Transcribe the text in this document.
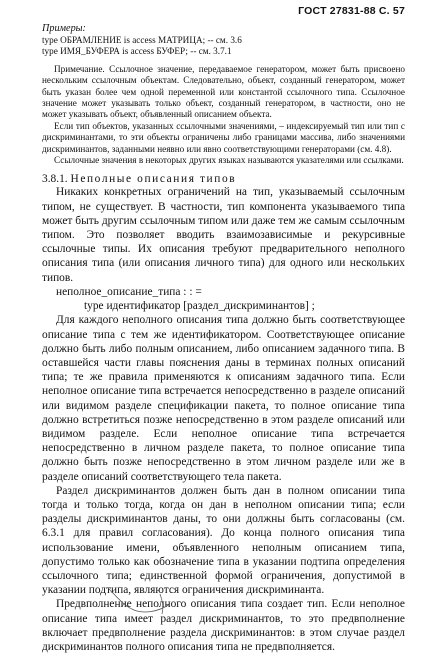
ГОСТ 27831-88 С. 57
Примеры:
type ОБРАМЛЕНИЕ is access МАТРИЦА; -- см. 3.6
type ИМЯ_БУФЕРА is access БУФЕР; -- см. 3.7.1

Примечание. Ссылочное значение, передаваемое генератором, может быть присвоено нескольким ссылочным объектам. Следовательно, объект, созданный генератором, может быть указан более чем одной переменной или константой ссылочного типа. Ссылочное значение может указывать только объект, созданный генератором, в частности, оно не может указывать объект, объявленный описанием объекта.

Если тип объектов, указанных ссылочными значениями, – индексируемый тип или тип с дискриминантами, то эти объекты ограничены либо границами массива, либо значениями дискриминантов, заданными неявно или явно соответствующими генераторами (см. 4.8).

Ссылочные значения в некоторых других языках называются указателями или ссылками.

3.8.1. Неполные описания типов

Никаких конкретных ограничений на тип, указываемый ссылочным типом, не существует. В частности, тип компонента указываемого типа может быть другим ссылочным типом или даже тем же самым ссылочным типом. Это позволяет вводить взаимозависимые и рекурсивные ссылочные типы. Их описания требуют предварительного неполного описания типа (или описания личного типа) для одного или нескольких типов.

неполное_описание_типа : : =

type идентификатор [раздел_дискриминантов] ;

Для каждого неполного описания типа должно быть соответствующее описание типа с тем же идентификатором. Соответствующее описание должно быть либо полным описанием, либо описанием задачного типа. В оставшейся части главы пояснения даны в терминах полных описаний типа; те же правила применяются к описаниям задачного типа. Если неполное описание типа встречается непосредственно в разделе описаний или видимом разделе спецификации пакета, то полное описание типа должно встретиться позже непосредственно в этом разделе описаний или видимом разделе. Если неполное описание типа встречается непосредственно в личном разделе пакета, то полное описание типа должно быть позже непосредственно в этом личном разделе или же в разделе описаний соответствующего тела пакета.

Раздел дискриминантов должен быть дан в полном описании типа тогда и только тогда, когда он дан в неполном описании типа; если разделы дискриминантов даны, то они должны быть согласованы (см. 6.3.1 для правил согласования). До конца полного описания типа использование имени, объявленного неполным описанием типа, допустимо только как обозначение типа в указании подтипа определения ссылочного типа; единственной формой ограничения, допустимой в указании подтипа, являются ограничения дискриминанта.

Предвполнение неполного описания типа создает тип. Если неполное описание типа имеет раздел дискриминантов, то это предвполнение включает предвполнение раздела дискриминантов: в этом случае раздел дискриминантов полного описания типа не предвполняется.
